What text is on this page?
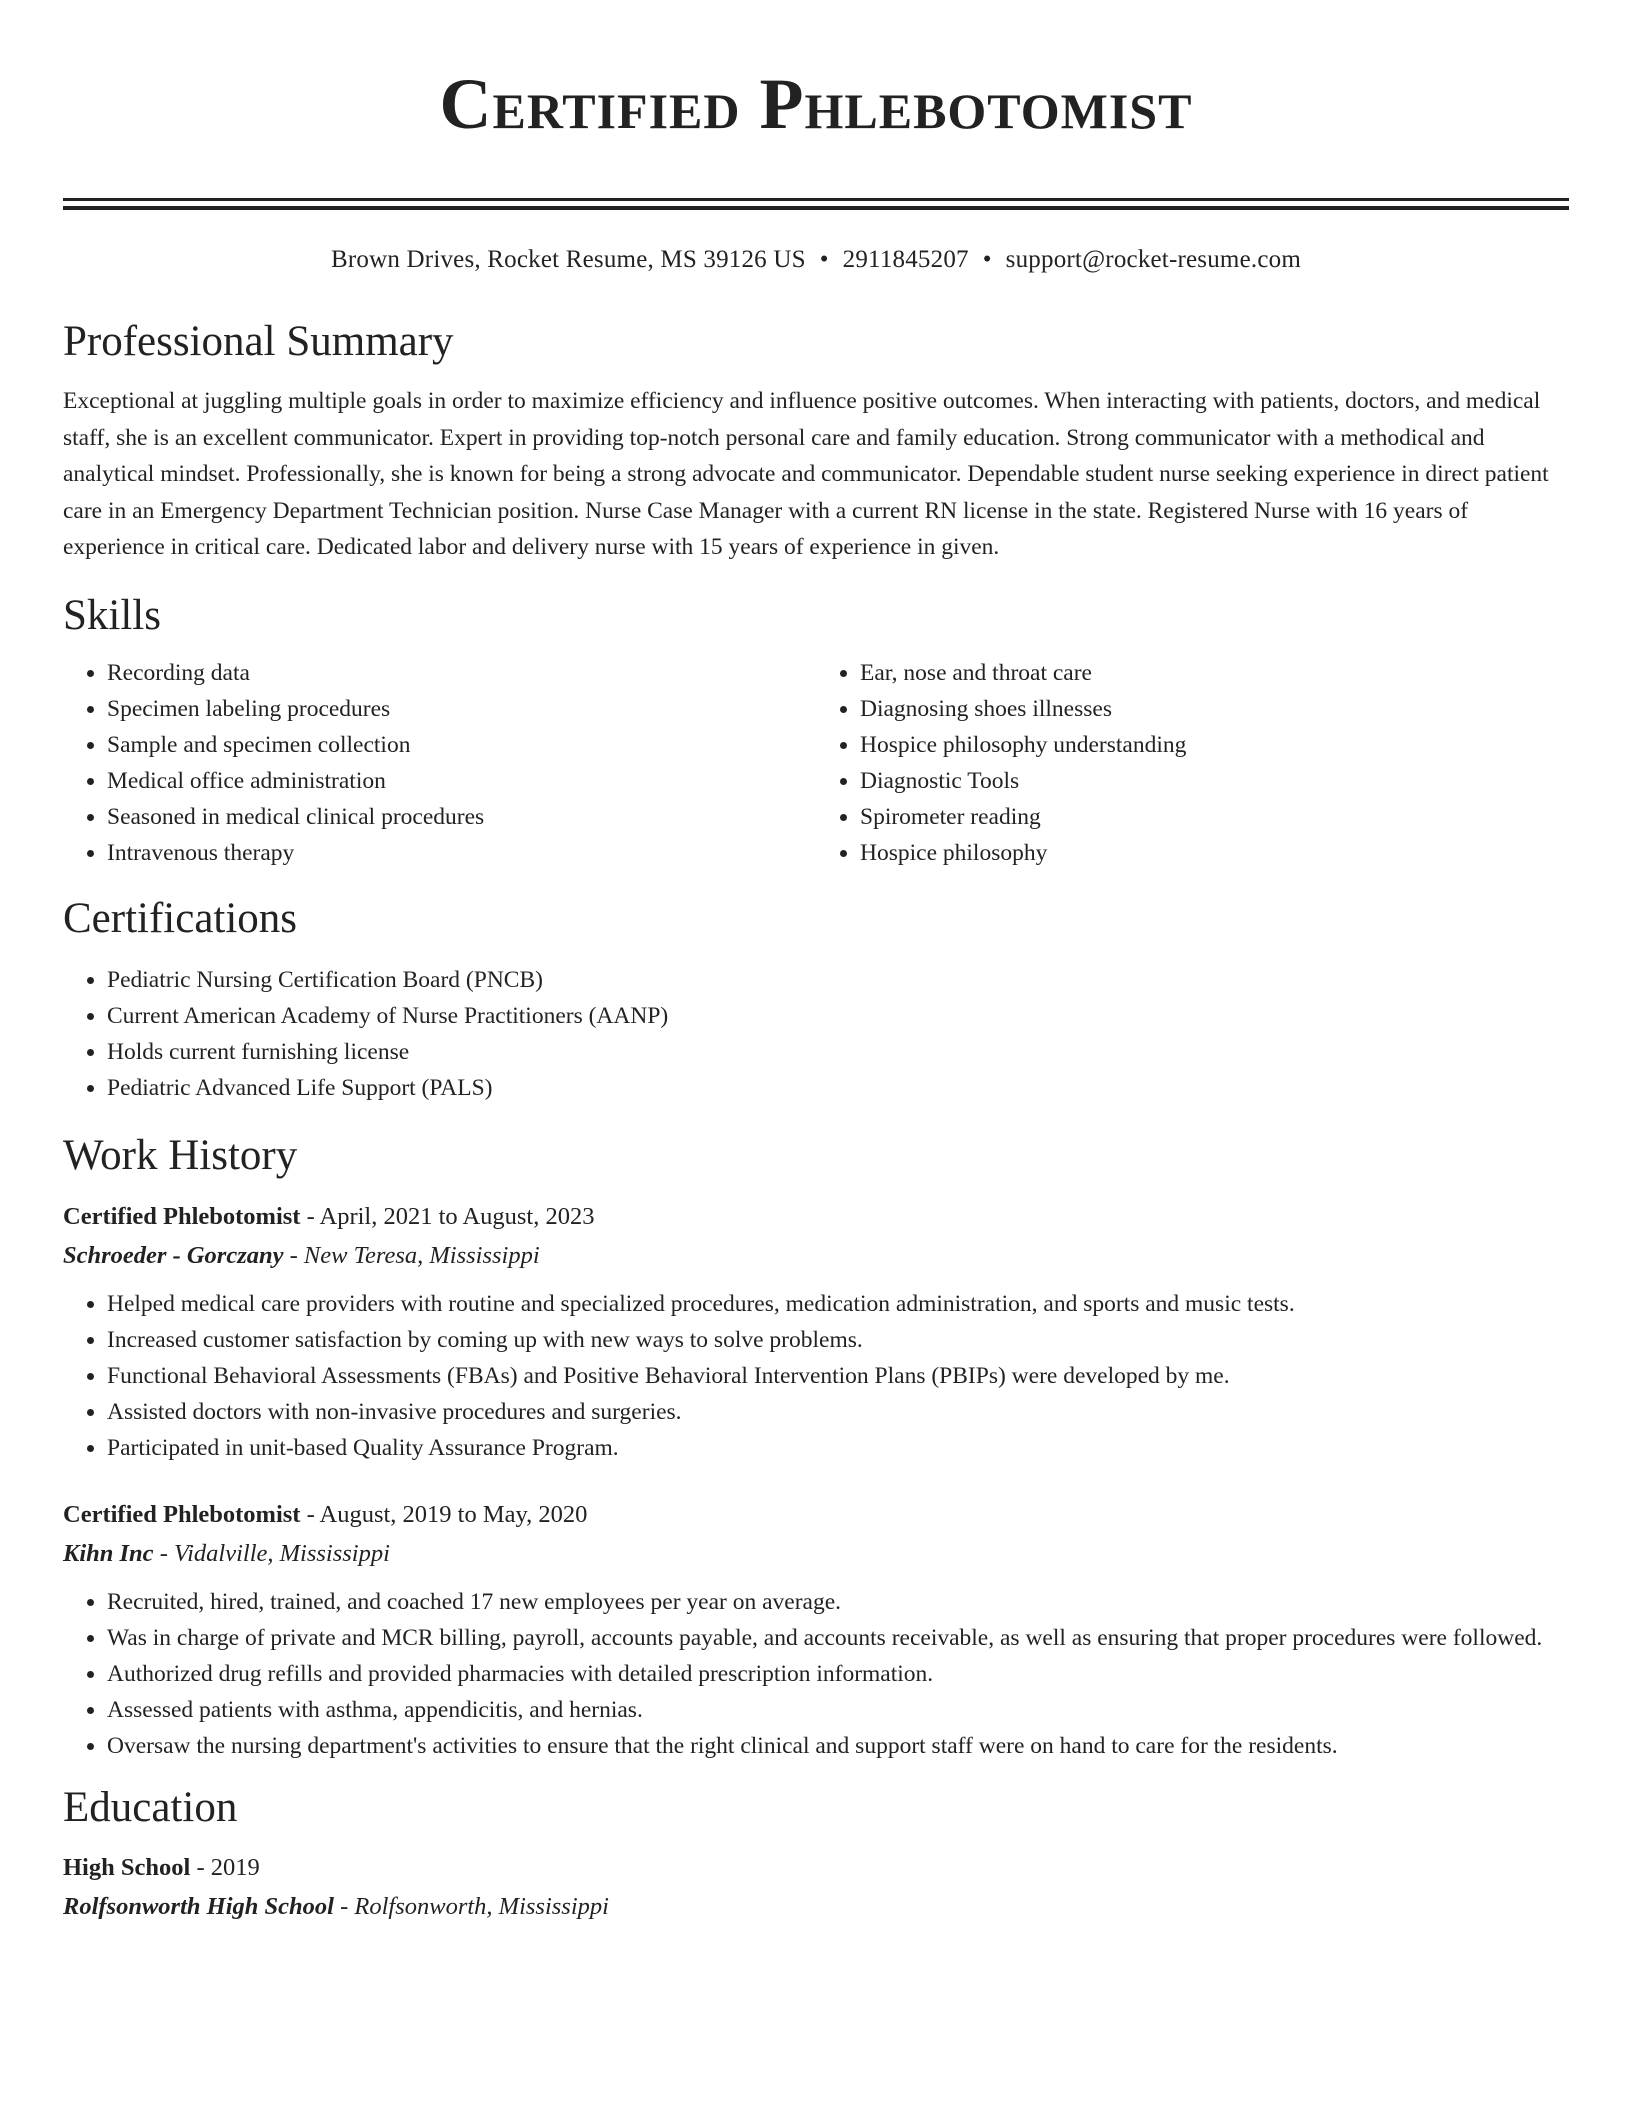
Certified Phlebotomist
Brown Drives, Rocket Resume, MS 39126 US • 2911845207 • support@rocket-resume.com
Professional Summary

Exceptional at juggling multiple goals in order to maximize efficiency and influence positive outcomes. When interacting with patients, doctors, and medical staff, she is an excellent communicator. Expert in providing top-notch personal care and family education. Strong communicator with a methodical and analytical mindset. Professionally, she is known for being a strong advocate and communicator. Dependable student nurse seeking experience in direct patient care in an Emergency Department Technician position. Nurse Case Manager with a current RN license in the state. Registered Nurse with 16 years of experience in critical care. Dedicated labor and delivery nurse with 15 years of experience in given.

Skills
• Recording data
• Specimen labeling procedures
• Sample and specimen collection
• Medical office administration
• Seasoned in medical clinical procedures
• Intravenous therapy
• Ear, nose and throat care
• Diagnosing shoes illnesses
• Hospice philosophy understanding
• Diagnostic Tools
• Spirometer reading
• Hospice philosophy
Certifications
• Pediatric Nursing Certification Board (PNCB)
• Current American Academy of Nurse Practitioners (AANP)
• Holds current furnishing license
• Pediatric Advanced Life Support (PALS)
Work History
Certified Phlebotomist - April, 2021 to August, 2023
Schroeder - Gorczany - New Teresa, Mississippi
• Helped medical care providers with routine and specialized procedures, medication administration, and sports and music tests.
• Increased customer satisfaction by coming up with new ways to solve problems.
• Functional Behavioral Assessments (FBAs) and Positive Behavioral Intervention Plans (PBIPs) were developed by me.
• Assisted doctors with non-invasive procedures and surgeries.
• Participated in unit-based Quality Assurance Program.
Certified Phlebotomist - August, 2019 to May, 2020
Kihn Inc - Vidalville, Mississippi
• Recruited, hired, trained, and coached 17 new employees per year on average.
• Was in charge of private and MCR billing, payroll, accounts payable, and accounts receivable, as well as ensuring that proper procedures were followed.
• Authorized drug refills and provided pharmacies with detailed prescription information.
• Assessed patients with asthma, appendicitis, and hernias.
• Oversaw the nursing department's activities to ensure that the right clinical and support staff were on hand to care for the residents.
Education
High School - 2019
Rolfsonworth High School - Rolfsonworth, Mississippi
